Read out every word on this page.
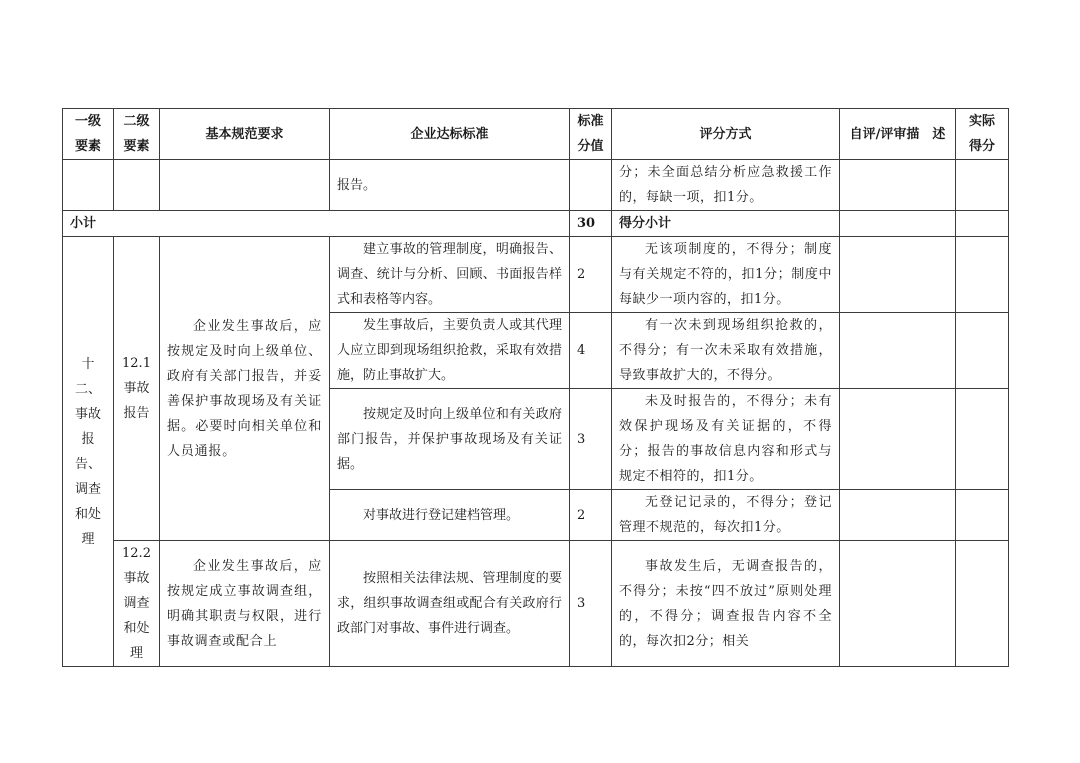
一级要素	二级要素	基本规范要求	企业达标标准	标准分值	评分方式	自评/评审描　述	实际得分
			报告。		分；未全面总结分析应急救援工作的，每缺一项，扣1分。		
小计				30	得分小计		
十二、事故报告、调查和处理	12.1事故报告	企业发生事故后，应按规定及时向上级单位、政府有关部门报告，并妥善保护事故现场及有关证据。必要时向相关单位和人员通报。	建立事故的管理制度，明确报告、调查、统计与分析、回顾、书面报告样式和表格等内容。	2	无该项制度的，不得分；制度与有关规定不符的，扣1分；制度中每缺少一项内容的，扣1分。		
			发生事故后，主要负责人或其代理人应立即到现场组织抢救，采取有效措施，防止事故扩大。	4	有一次未到现场组织抢救的，不得分；有一次未采取有效措施，导致事故扩大的，不得分。		
			按规定及时向上级单位和有关政府部门报告，并保护事故现场及有关证据。	3	未及时报告的，不得分；未有效保护现场及有关证据的，不得分；报告的事故信息内容和形式与规定不相符的，扣1分。		
			对事故进行登记建档管理。	2	无登记记录的，不得分；登记管理不规范的，每次扣1分。		
	12.2事故调查和处理	企业发生事故后，应按规定成立事故调查组，明确其职责与权限，进行事故调查或配合上	按照相关法律法规、管理制度的要求，组织事故调查组或配合有关政府行政部门对事故、事件进行调查。	3	事故发生后，无调查报告的，不得分；未按“四不放过”原则处理的，不得分；调查报告内容不全的，每次扣2分；相关		
